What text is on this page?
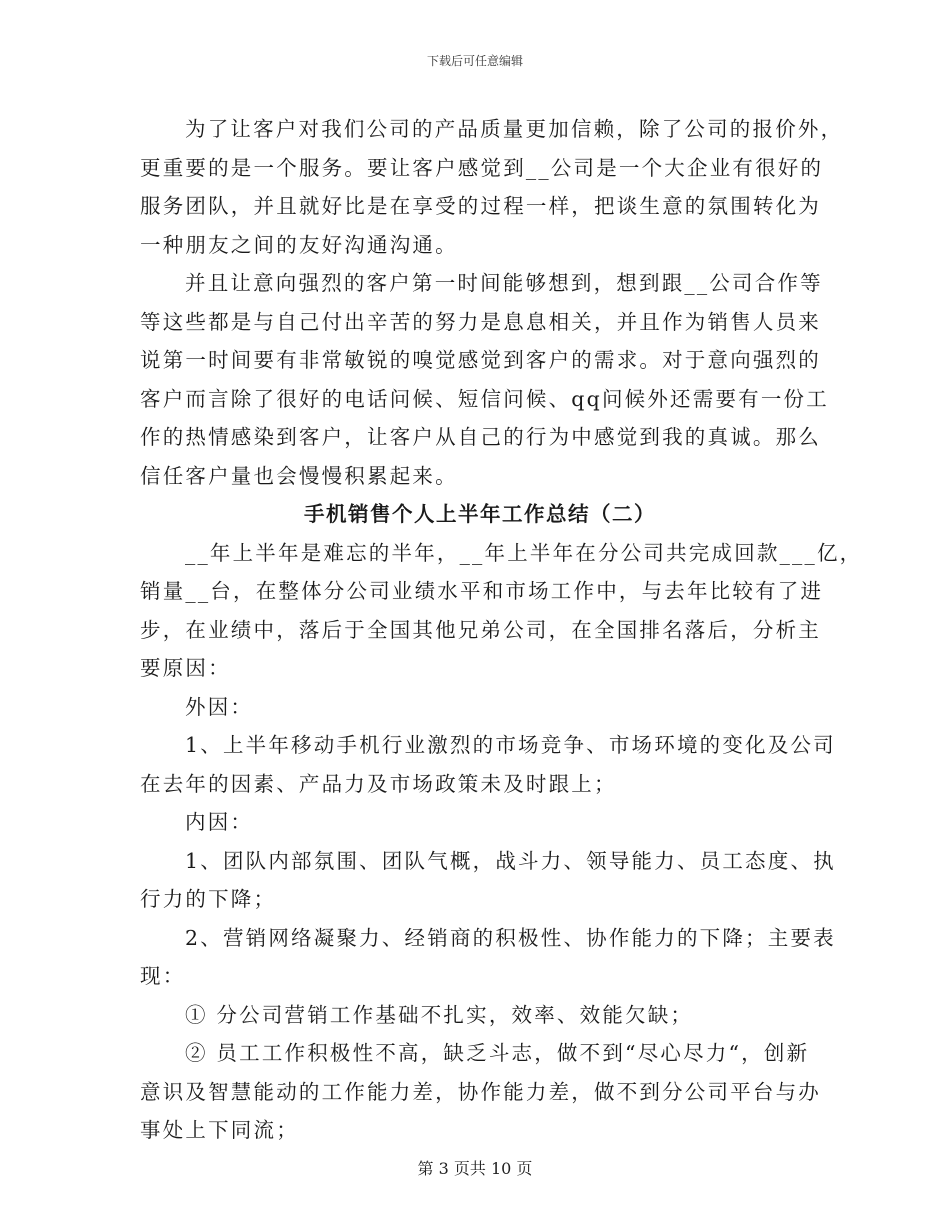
下载后可任意编辑
为了让客户对我们公司的产品质量更加信赖，除了公司的报价外，
更重要的是一个服务。要让客户感觉到__公司是一个大企业有很好的
服务团队，并且就好比是在享受的过程一样，把谈生意的氛围转化为
一种朋友之间的友好沟通沟通。
并且让意向强烈的客户第一时间能够想到，想到跟__公司合作等
等这些都是与自己付出辛苦的努力是息息相关，并且作为销售人员来
说第一时间要有非常敏锐的嗅觉感觉到客户的需求。对于意向强烈的
客户而言除了很好的电话问候、短信问候、qq问候外还需要有一份工
作的热情感染到客户，让客户从自己的行为中感觉到我的真诚。那么
信任客户量也会慢慢积累起来。
手机销售个人上半年工作总结（二）
__年上半年是难忘的半年，__年上半年在分公司共完成回款___亿，
销量__台，在整体分公司业绩水平和市场工作中，与去年比较有了进
步，在业绩中，落后于全国其他兄弟公司，在全国排名落后，分析主
要原因：
外因：
1、上半年移动手机行业激烈的市场竞争、市场环境的变化及公司
在去年的因素、产品力及市场政策未及时跟上；
内因：
1、团队内部氛围、团队气概，战斗力、领导能力、员工态度、执
行力的下降；
2、营销网络凝聚力、经销商的积极性、协作能力的下降；主要表
现：
① 分公司营销工作基础不扎实，效率、效能欠缺；
② 员工工作积极性不高，缺乏斗志，做不到“尽心尽力“，创新
意识及智慧能动的工作能力差，协作能力差，做不到分公司平台与办
事处上下同流；
第 3 页共 10 页
